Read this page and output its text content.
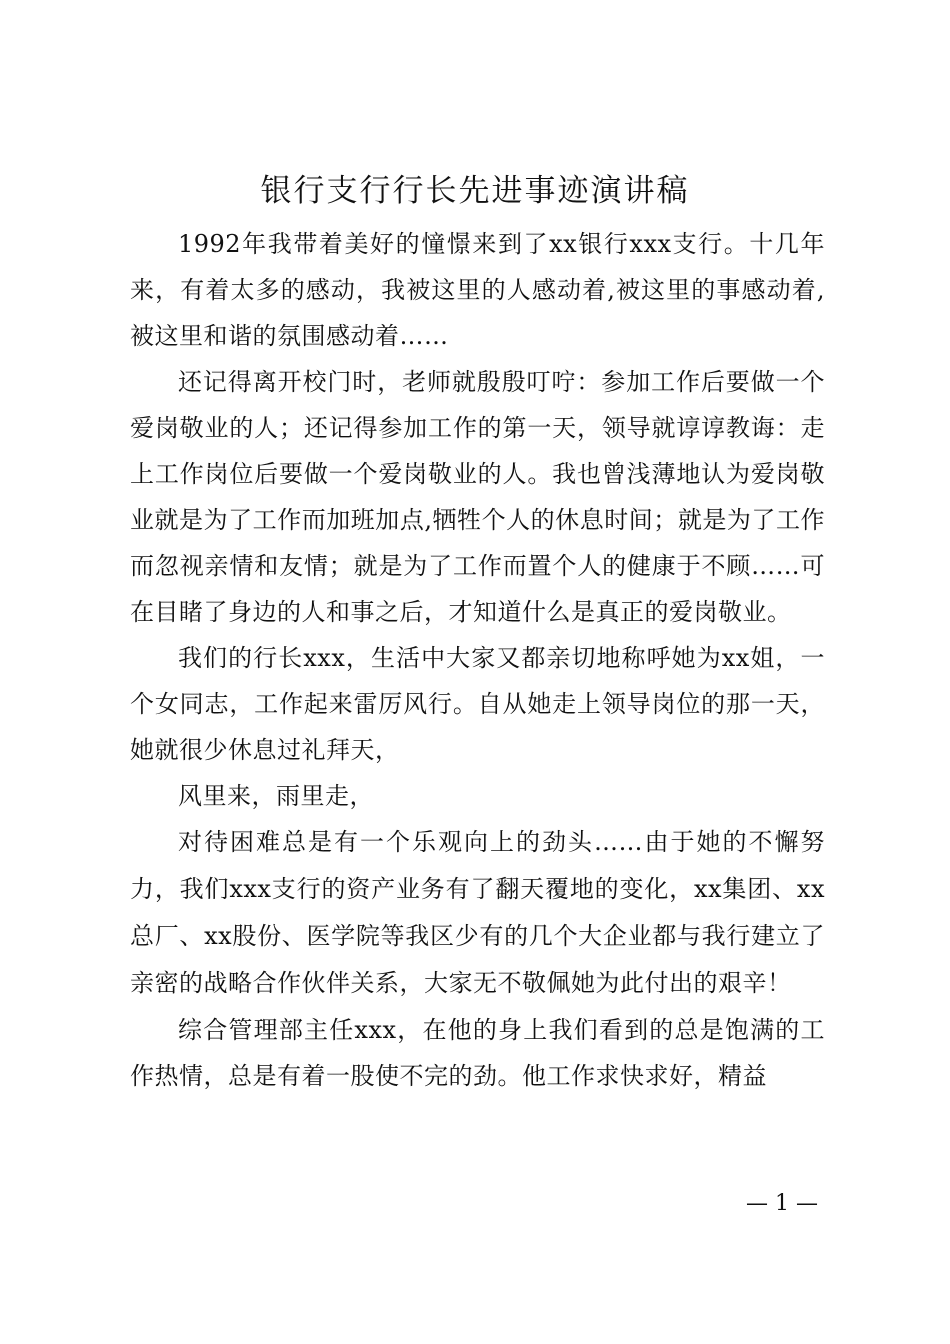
银行支行行长先进事迹演讲稿

1992年我带着美好的憧憬来到了xx银行xxx支行。十几年来，有着太多的感动，我被这里的人感动着,被这里的事感动着,被这里和谐的氛围感动着……

还记得离开校门时，老师就殷殷叮咛：参加工作后要做一个爱岗敬业的人；还记得参加工作的第一天，领导就谆谆教诲：走上工作岗位后要做一个爱岗敬业的人。我也曾浅薄地认为爱岗敬业就是为了工作而加班加点,牺牲个人的休息时间；就是为了工作而忽视亲情和友情；就是为了工作而置个人的健康于不顾……可在目睹了身边的人和事之后，才知道什么是真正的爱岗敬业。

我们的行长xxx，生活中大家又都亲切地称呼她为xx姐，一个女同志，工作起来雷厉风行。自从她走上领导岗位的那一天，她就很少休息过礼拜天，

风里来，雨里走，

对待困难总是有一个乐观向上的劲头……由于她的不懈努力，我们xxx支行的资产业务有了翻天覆地的变化，xx集团、xx总厂、xx股份、医学院等我区少有的几个大企业都与我行建立了亲密的战略合作伙伴关系，大家无不敬佩她为此付出的艰辛！

综合管理部主任xxx，在他的身上我们看到的总是饱满的工作热情，总是有着一股使不完的劲。他工作求快求好，精益

— 1 —
